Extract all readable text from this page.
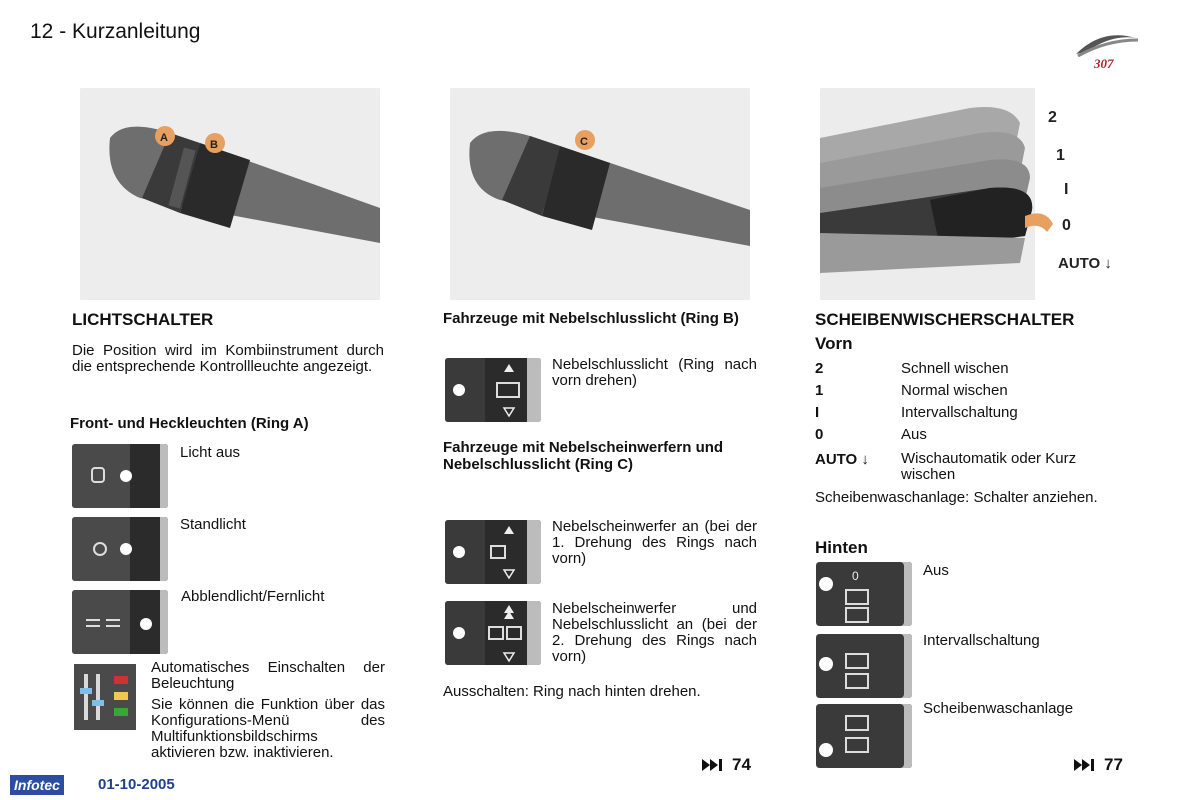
12 - Kurzanleitung
307
A
B
LICHTSCHALTER
Die Position wird im Kombiinstrument durch die entsprechende Kontrollleuchte angezeigt.
Front- und Heckleuchten (Ring A)
Licht aus
Standlicht
Abblendlicht/Fernlicht
Automatisches Einschalten der Beleuchtung
Sie können die Funktion über das Konfigurations-Menü des Multifunktionsbildschirms aktivieren bzw. inaktivieren.
C
Fahrzeuge mit Nebelschlusslicht (Ring B)
Nebelschlusslicht (Ring nach vorn drehen)
Fahrzeuge mit Nebelscheinwerfern und Nebelschlusslicht (Ring C)
Nebelscheinwerfer an (bei der 1. Drehung des Rings nach vorn)
Nebelscheinwerfer und Nebelschlusslicht an (bei der 2. Drehung des Rings nach vorn)
Ausschalten: Ring nach hinten drehen.
74
2
1
I
0
AUTO ↓
SCHEIBENWISCHERSCHALTER
Vorn
2	Schnell wischen
1	Normal wischen
I	Intervallschaltung
0	Aus
AUTO ↓	Wischautomatik oder Kurz wischen
Scheibenwaschanlage: Schalter anziehen.
Hinten
0	Aus
Intervallschaltung
Scheibenwaschanlage
77
Infotec	01-10-2005
